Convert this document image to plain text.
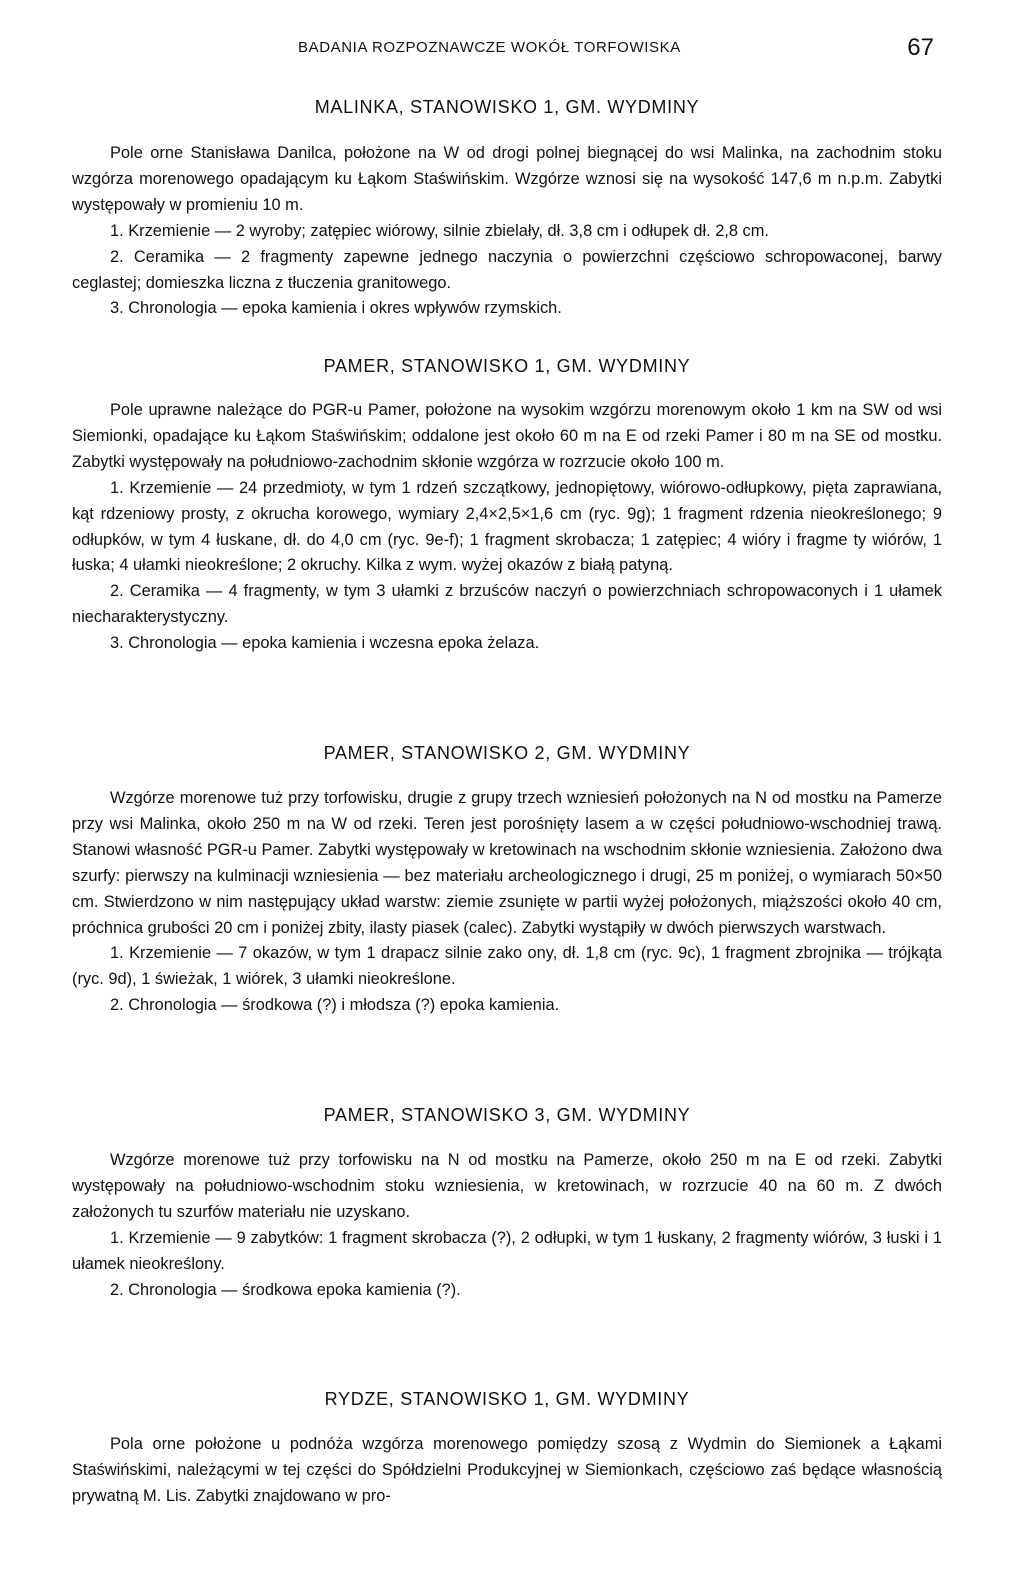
BADANIA ROZPOZNAWCZE WOKÓŁ TORFOWISKA	67
MALINKA, STANOWISKO 1, GM. WYDMINY

Pole orne Stanisława Danilca, położone na W od drogi polnej biegnącej do wsi Malinka, na zachodnim stoku wzgórza morenowego opadającym ku Łąkom Staświńskim. Wzgórze wznosi się na wysokość 147,6 m n.p.m. Zabytki występowały w promieniu 10 m.

1. Krzemienie — 2 wyroby; zatępiec wiórowy, silnie zbielały, dł. 3,8 cm i odłupek dł. 2,8 cm.

2. Ceramika — 2 fragmenty zapewne jednego naczynia o powierzchni częściowo schropowaconej, barwy ceglastej; domieszka liczna z tłuczenia granitowego.

3. Chronologia — epoka kamienia i okres wpływów rzymskich.

PAMER, STANOWISKO 1, GM. WYDMINY

Pole uprawne należące do PGR-u Pamer, położone na wysokim wzgórzu morenowym około 1 km na SW od wsi Siemionki, opadające ku Łąkom Staświńskim; oddalone jest około 60 m na E od rzeki Pamer i 80 m na SE od mostku. Zabytki występowały na południowo-zachodnim skłonie wzgórza w rozrzucie około 100 m.

1. Krzemienie — 24 przedmioty, w tym 1 rdzeń szczątkowy, jednopiętowy, wiórowo-odłupkowy, pięta zaprawiana, kąt rdzeniowy prosty, z okrucha korowego, wymiary 2,4×2,5×1,6 cm (ryc. 9g); 1 fragment rdzenia nieokreślonego; 9 odłupków, w tym 4 łuskane, dł. do 4,0 cm (ryc. 9e-f); 1 fragment skrobacza; 1 zatępiec; 4 wióry i fragme ty wiórów, 1 łuska; 4 ułamki nieokreślone; 2 okruchy. Kilka z wym. wyżej okazów z białą patyną.

2. Ceramika — 4 fragmenty, w tym 3 ułamki z brzuśców naczyń o powierzchniach schropowaconych i 1 ułamek niecharakterystyczny.

3. Chronologia — epoka kamienia i wczesna epoka żelaza.

PAMER, STANOWISKO 2, GM. WYDMINY

Wzgórze morenowe tuż przy torfowisku, drugie z grupy trzech wzniesień położonych na N od mostku na Pamerze przy wsi Malinka, około 250 m na W od rzeki. Teren jest porośnięty lasem a w części południowo-wschodniej trawą. Stanowi własność PGR-u Pamer. Zabytki występowały w kretowinach na wschodnim skłonie wzniesienia. Założono dwa szurfy: pierwszy na kulminacji wzniesienia — bez materiału archeologicznego i drugi, 25 m poniżej, o wymiarach 50×50 cm. Stwierdzono w nim następujący układ warstw: ziemie zsunięte w partii wyżej położonych, miąższości około 40 cm, próchnica grubości 20 cm i poniżej zbity, ilasty piasek (calec). Zabytki wystąpiły w dwóch pierwszych warstwach.

1. Krzemienie — 7 okazów, w tym 1 drapacz silnie zako ony, dł. 1,8 cm (ryc. 9c), 1 fragment zbrojnika — trójkąta (ryc. 9d), 1 świeżak, 1 wiórek, 3 ułamki nieokreślone.

2. Chronologia — środkowa (?) i młodsza (?) epoka kamienia.

PAMER, STANOWISKO 3, GM. WYDMINY

Wzgórze morenowe tuż przy torfowisku na N od mostku na Pamerze, około 250 m na E od rzeki. Zabytki występowały na południowo-wschodnim stoku wzniesienia, w kretowinach, w rozrzucie 40 na 60 m. Z dwóch założonych tu szurfów materiału nie uzyskano.

1. Krzemienie — 9 zabytków: 1 fragment skrobacza (?), 2 odłupki, w tym 1 łuskany, 2 fragmenty wiórów, 3 łuski i 1 ułamek nieokreślony.

2. Chronologia — środkowa epoka kamienia (?).

RYDZE, STANOWISKO 1, GM. WYDMINY

Pola orne położone u podnóża wzgórza morenowego pomiędzy szosą z Wydmin do Siemionek a Łąkami Staświńskimi, należącymi w tej części do Spółdzielni Produkcyjnej w Siemionkach, częściowo zaś będące własnością prywatną M. Lis. Zabytki znajdowano w pro-
